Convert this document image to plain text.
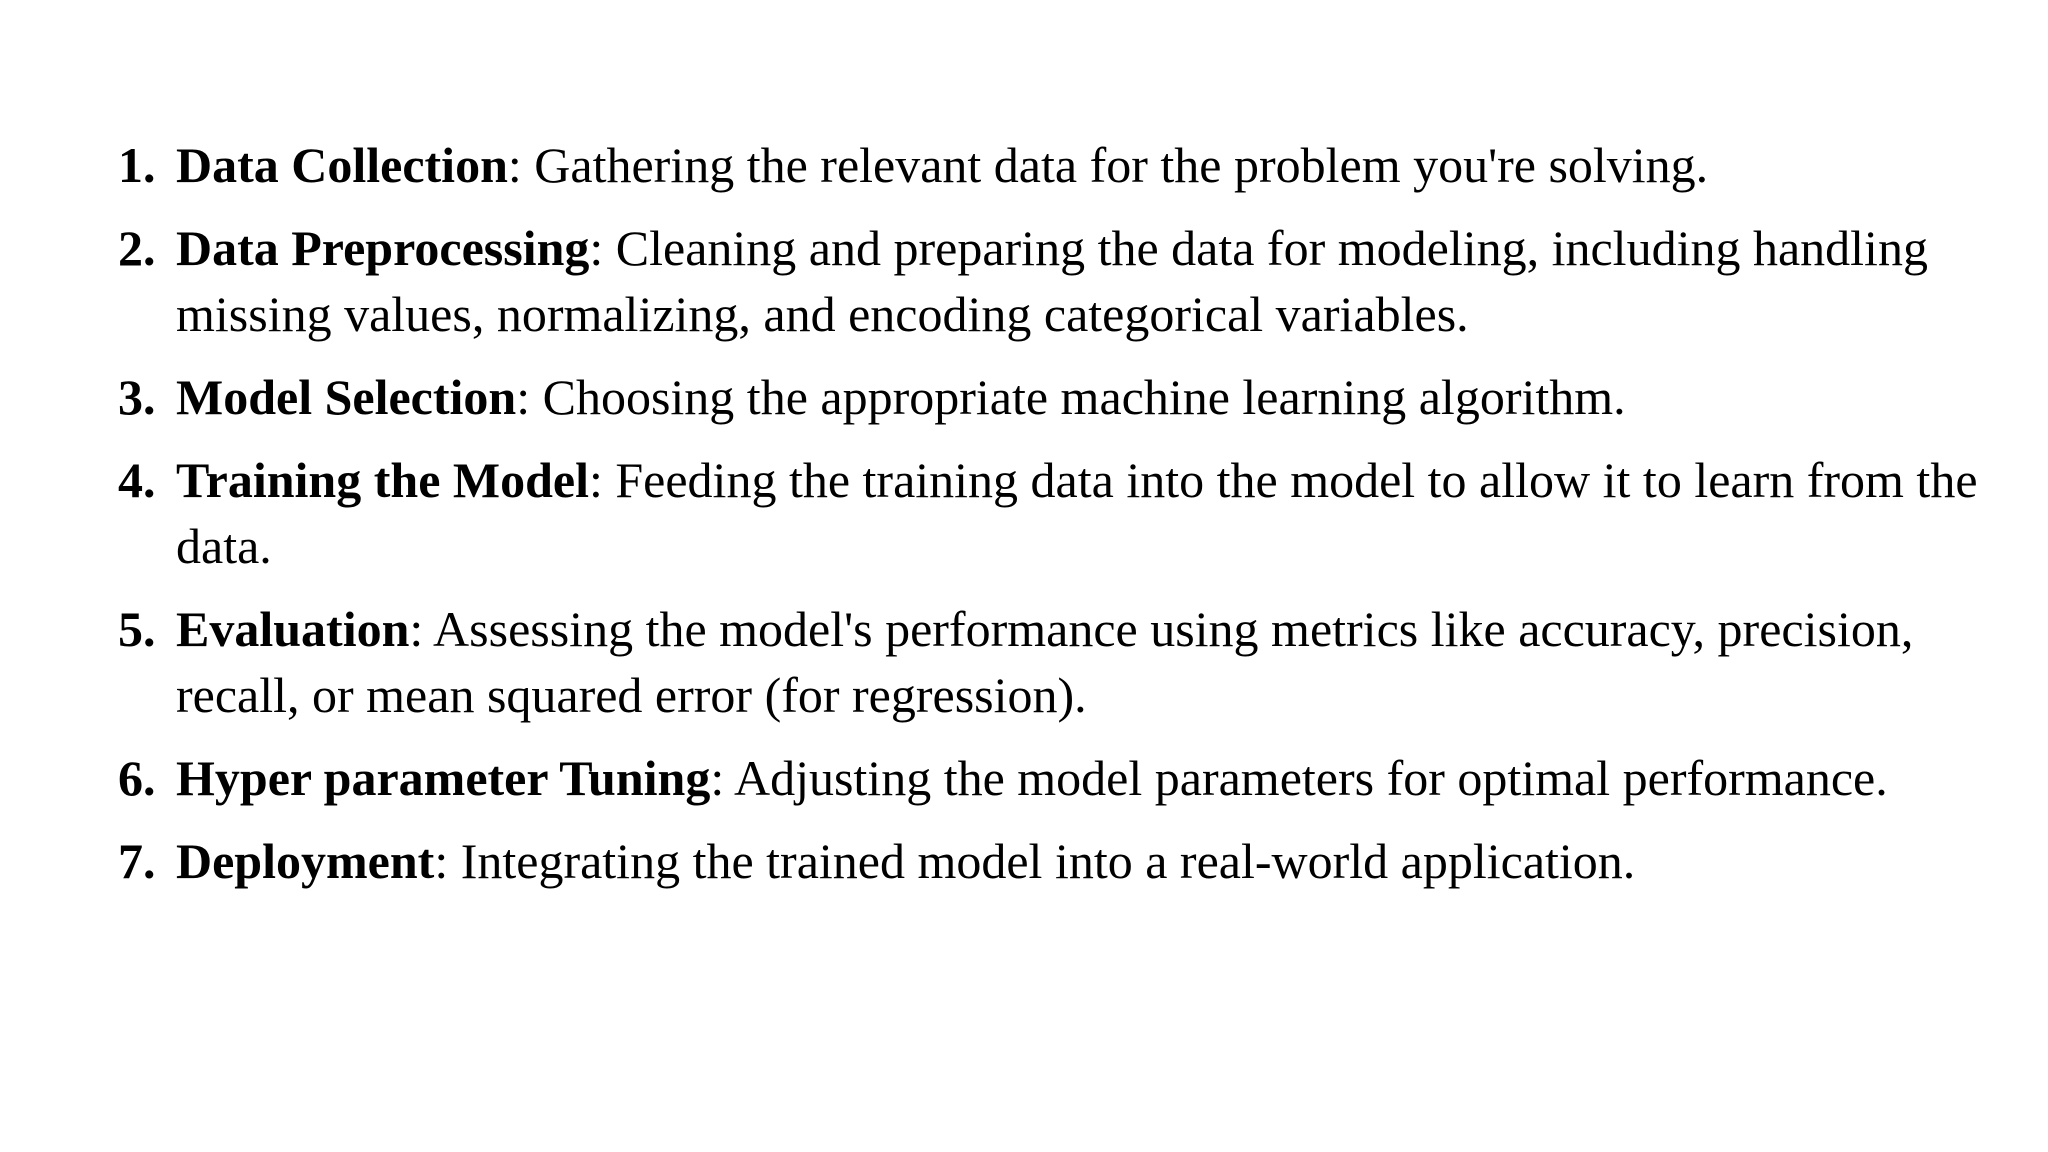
1. Data Collection: Gathering the relevant data for the problem you're solving.
2. Data Preprocessing: Cleaning and preparing the data for modeling, including handling missing values, normalizing, and encoding categorical variables.
3. Model Selection: Choosing the appropriate machine learning algorithm.
4. Training the Model: Feeding the training data into the model to allow it to learn from the data.
5. Evaluation: Assessing the model's performance using metrics like accuracy, precision, recall, or mean squared error (for regression).
6. Hyper parameter Tuning: Adjusting the model parameters for optimal performance.
7. Deployment: Integrating the trained model into a real-world application.
